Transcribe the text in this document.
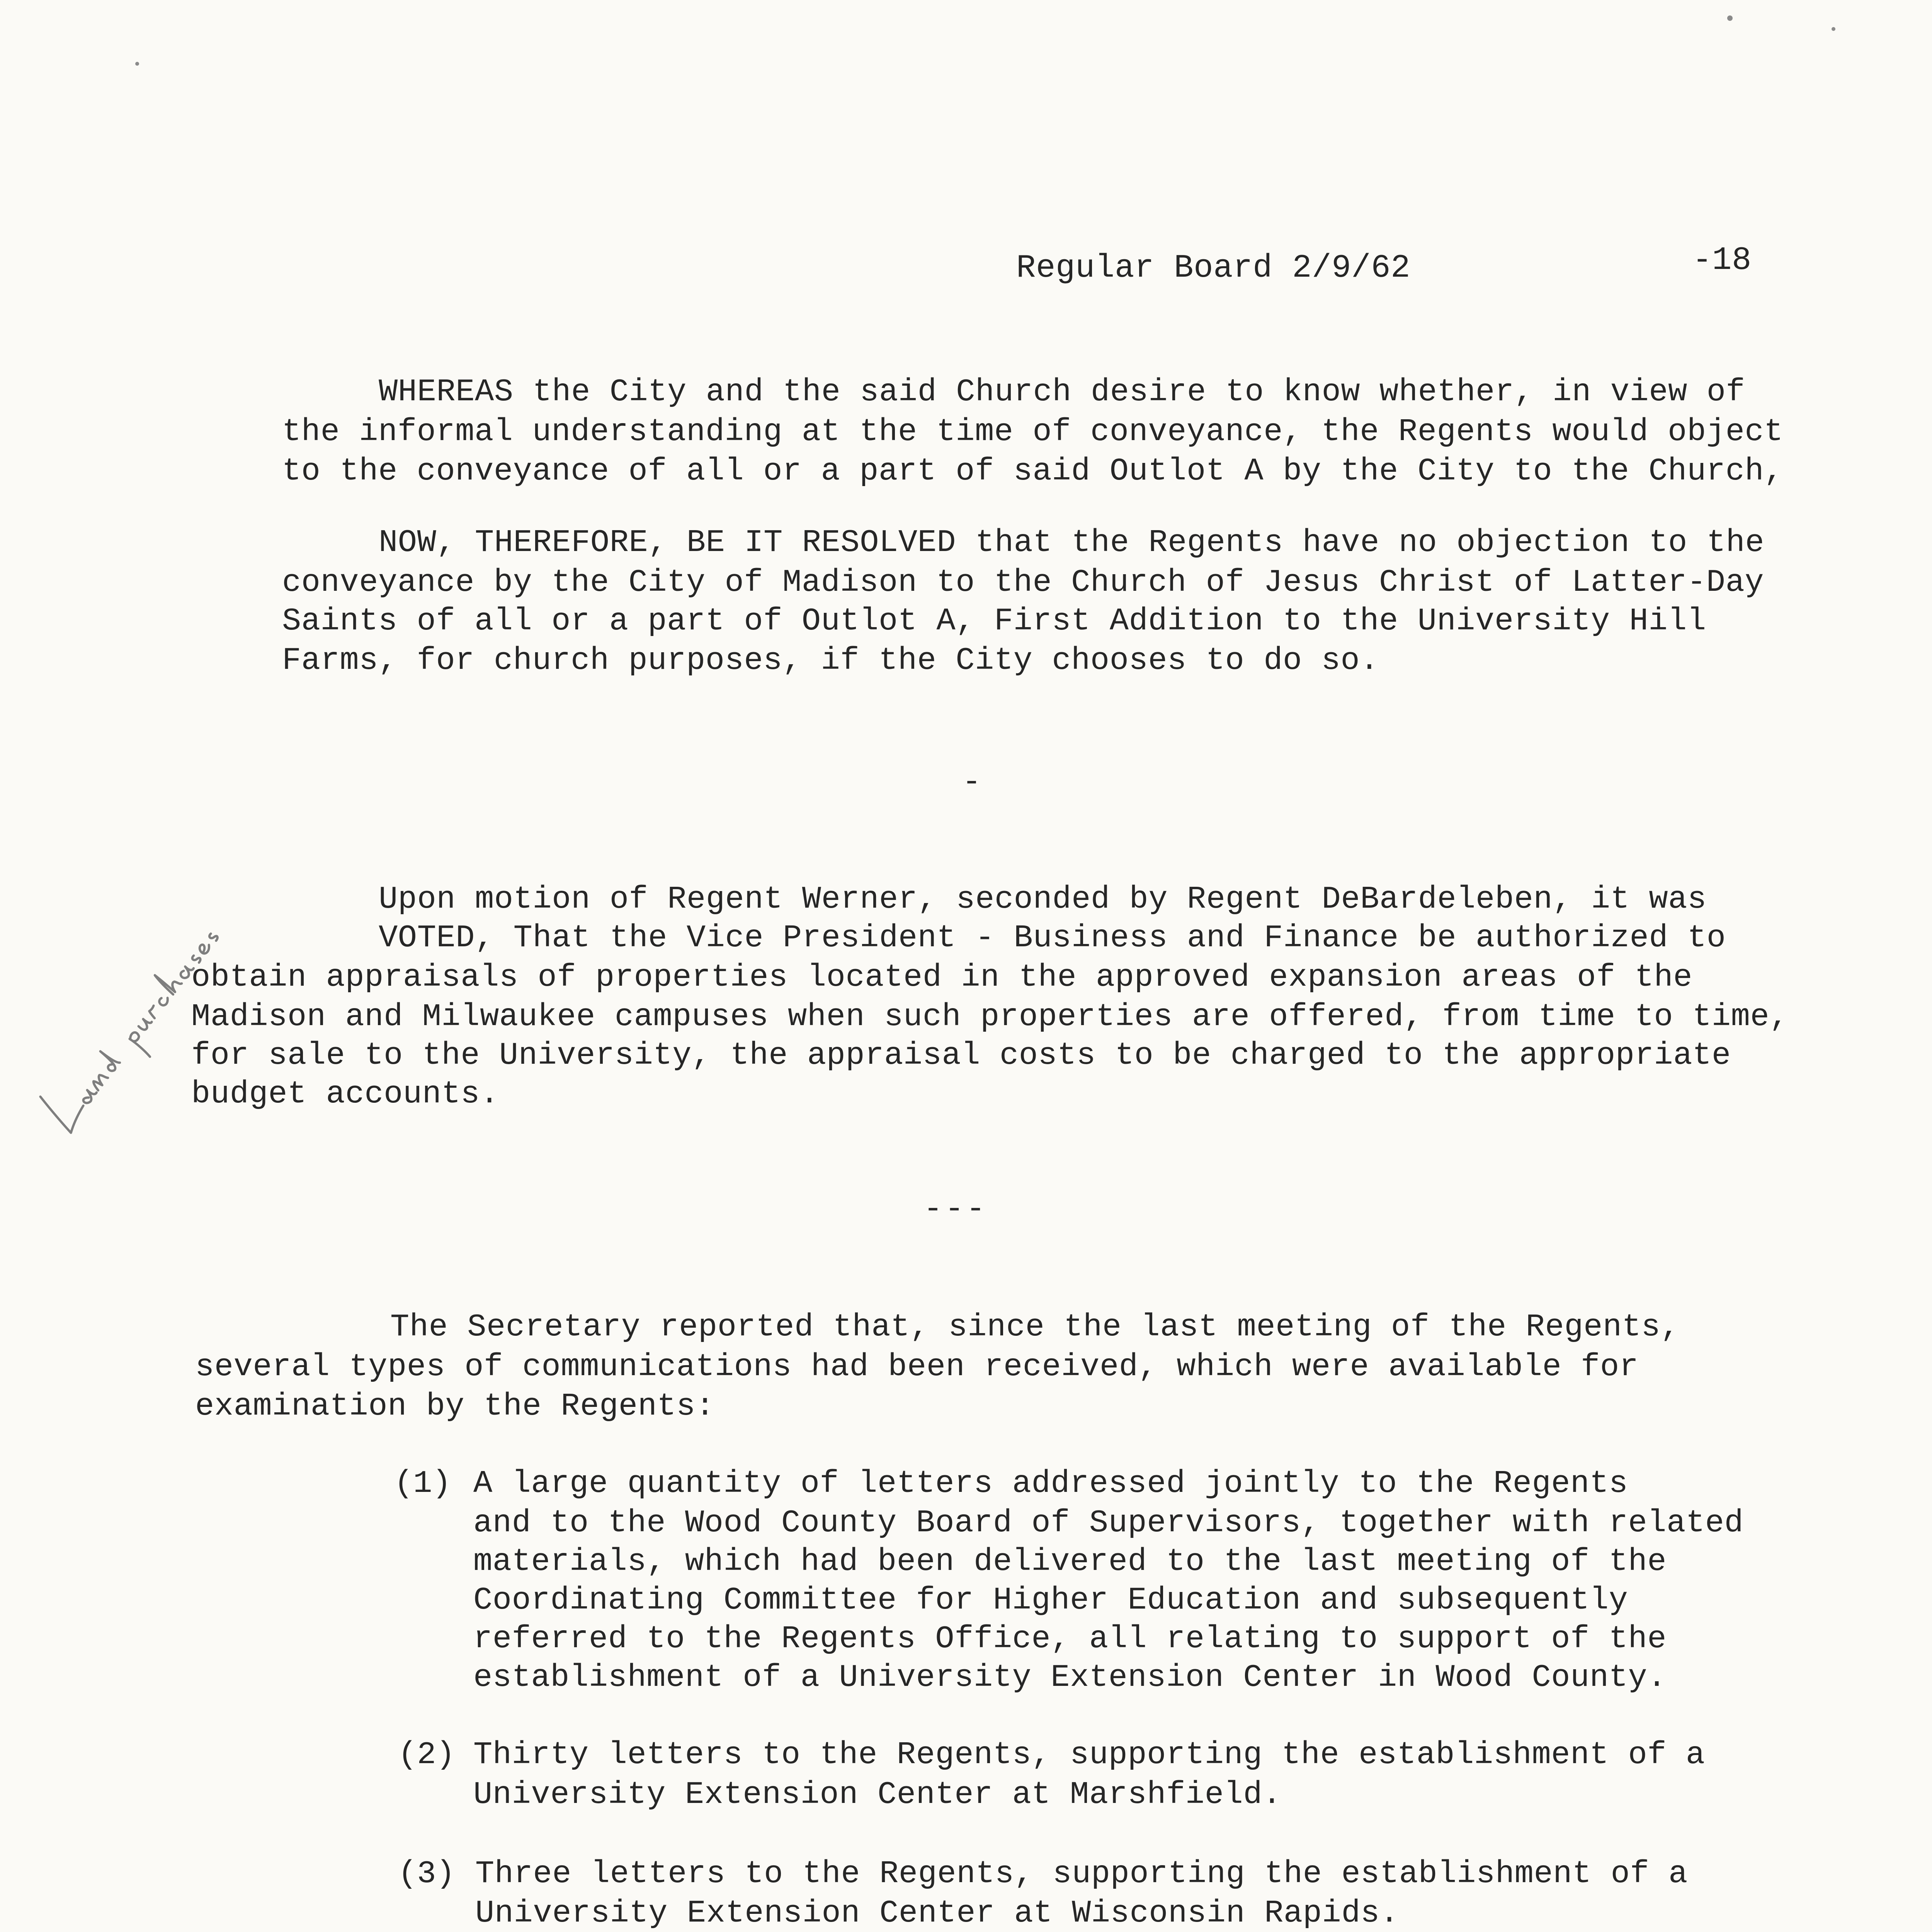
Regular Board 2/9/62	-18
WHEREAS the City and the said Church desire to know whether, in view of
the informal understanding at the time of conveyance, the Regents would object
to the conveyance of all or a part of said Outlot A by the City to the Church,
NOW, THEREFORE, BE IT RESOLVED that the Regents have no objection to the
conveyance by the City of Madison to the Church of Jesus Christ of Latter-Day
Saints of all or a part of Outlot A, First Addition to the University Hill
Farms, for church purposes, if the City chooses to do so.
-
Upon motion of Regent Werner, seconded by Regent DeBardeleben, it was
VOTED, That the Vice President - Business and Finance be authorized to
obtain appraisals of properties located in the approved expansion areas of the
Madison and Milwaukee campuses when such properties are offered, from time to time,
for sale to the University, the appraisal costs to be charged to the appropriate
budget accounts.
---
The Secretary reported that, since the last meeting of the Regents,
several types of communications had been received, which were available for
examination by the Regents:
(1) A large quantity of letters addressed jointly to the Regents
and to the Wood County Board of Supervisors, together with related
materials, which had been delivered to the last meeting of the
Coordinating Committee for Higher Education and subsequently
referred to the Regents Office, all relating to support of the
establishment of a University Extension Center in Wood County.
(2) Thirty letters to the Regents, supporting the establishment of a
University Extension Center at Marshfield.
(3) Three letters to the Regents, supporting the establishment of a
University Extension Center at Wisconsin Rapids.
